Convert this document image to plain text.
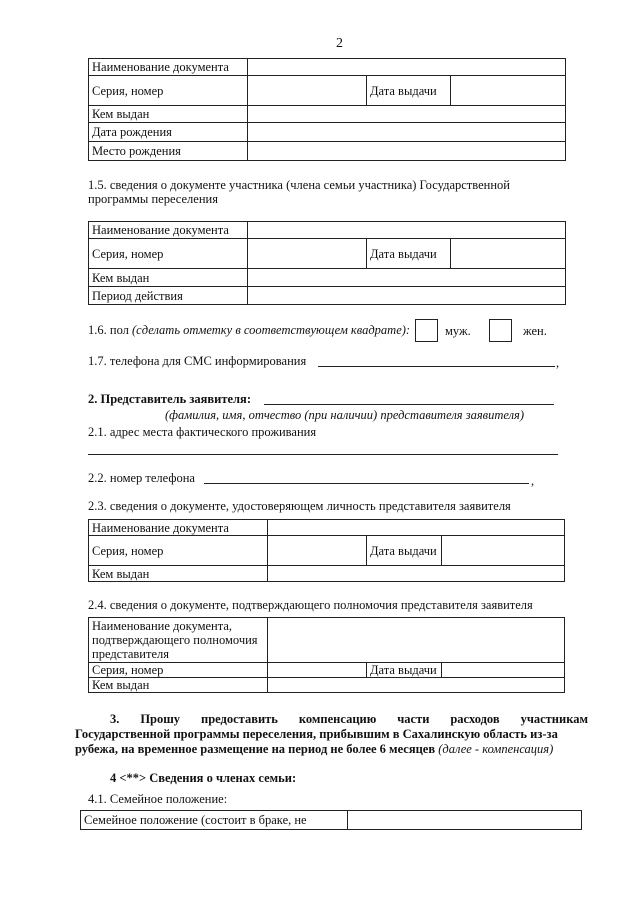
2
Наименование документа			
Серия, номер		Дата выдачи	
Кем выдан			
Дата рождения			
Место рождения			
1.5. сведения о документе участника (члена семьи участника) Государственной
программы переселения
Наименование документа			
Серия, номер		Дата выдачи	
Кем выдан			
Период действия			
1.6. пол (сделать отметку в соответствующем квадрате):	муж.	жен.
1.7. телефона для СМС информирования	,
2. Представитель заявителя:
(фамилия, имя, отчество (при наличии) представителя заявителя)
2.1. адрес места фактического проживания
2.2. номер телефона	,
2.3. сведения о документе, удостоверяющем личность представителя заявителя
Наименование документа			
Серия, номер		Дата выдачи	
Кем выдан			
2.4. сведения о документе, подтверждающего полномочия представителя заявителя
Наименование документа,
подтверждающего полномочия
представителя			

Серия, номер		Дата выдачи	
Кем выдан			
3. Прошу предоставить компенсацию части расходов участникам
Государственной программы переселения, прибывшим в Сахалинскую область из-за
рубежа, на временное размещение на период не более 6 месяцев (далее - компенсация)
4 <**> Сведения о членах семьи:
4.1. Семейное положение:
Семейное положение (состоит в браке, не	
